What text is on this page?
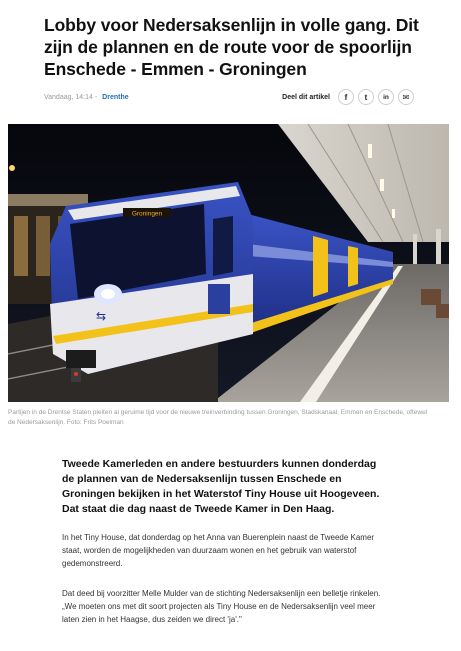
Lobby voor Nedersaksenlijn in volle gang. Dit zijn de plannen en de route voor de spoorlijn Enschede - Emmen - Groningen
Vandaag, 14:14 - Drenthe	Deel dit artikel	f	t	in	✉
Groningen
⇆

Partijen in de Drentse Staten pleiten al geruime tijd voor de nieuwe treinverbinding tussen Groningen, Stadskanaal, Emmen en Enschede, oftewel de Nedersaksenlijn. Foto: Frits Poelman

Tweede Kamerleden en andere bestuurders kunnen donderdag de plannen van de Nedersaksenlijn tussen Enschede en Groningen bekijken in het Waterstof Tiny House uit Hoogeveen. Dat staat die dag naast de Tweede Kamer in Den Haag.

In het Tiny House, dat donderdag op het Anna van Buerenplein naast de Tweede Kamer staat, worden de mogelijkheden van duurzaam wonen en het gebruik van waterstof gedemonstreerd.

Dat deed bij voorzitter Melle Mulder van de stichting Nedersaksenlijn een belletje rinkelen. „We moeten ons met dit soort projecten als Tiny House en de Nedersaksenlijn veel meer laten zien in het Haagse, dus zeiden we direct 'ja'."
